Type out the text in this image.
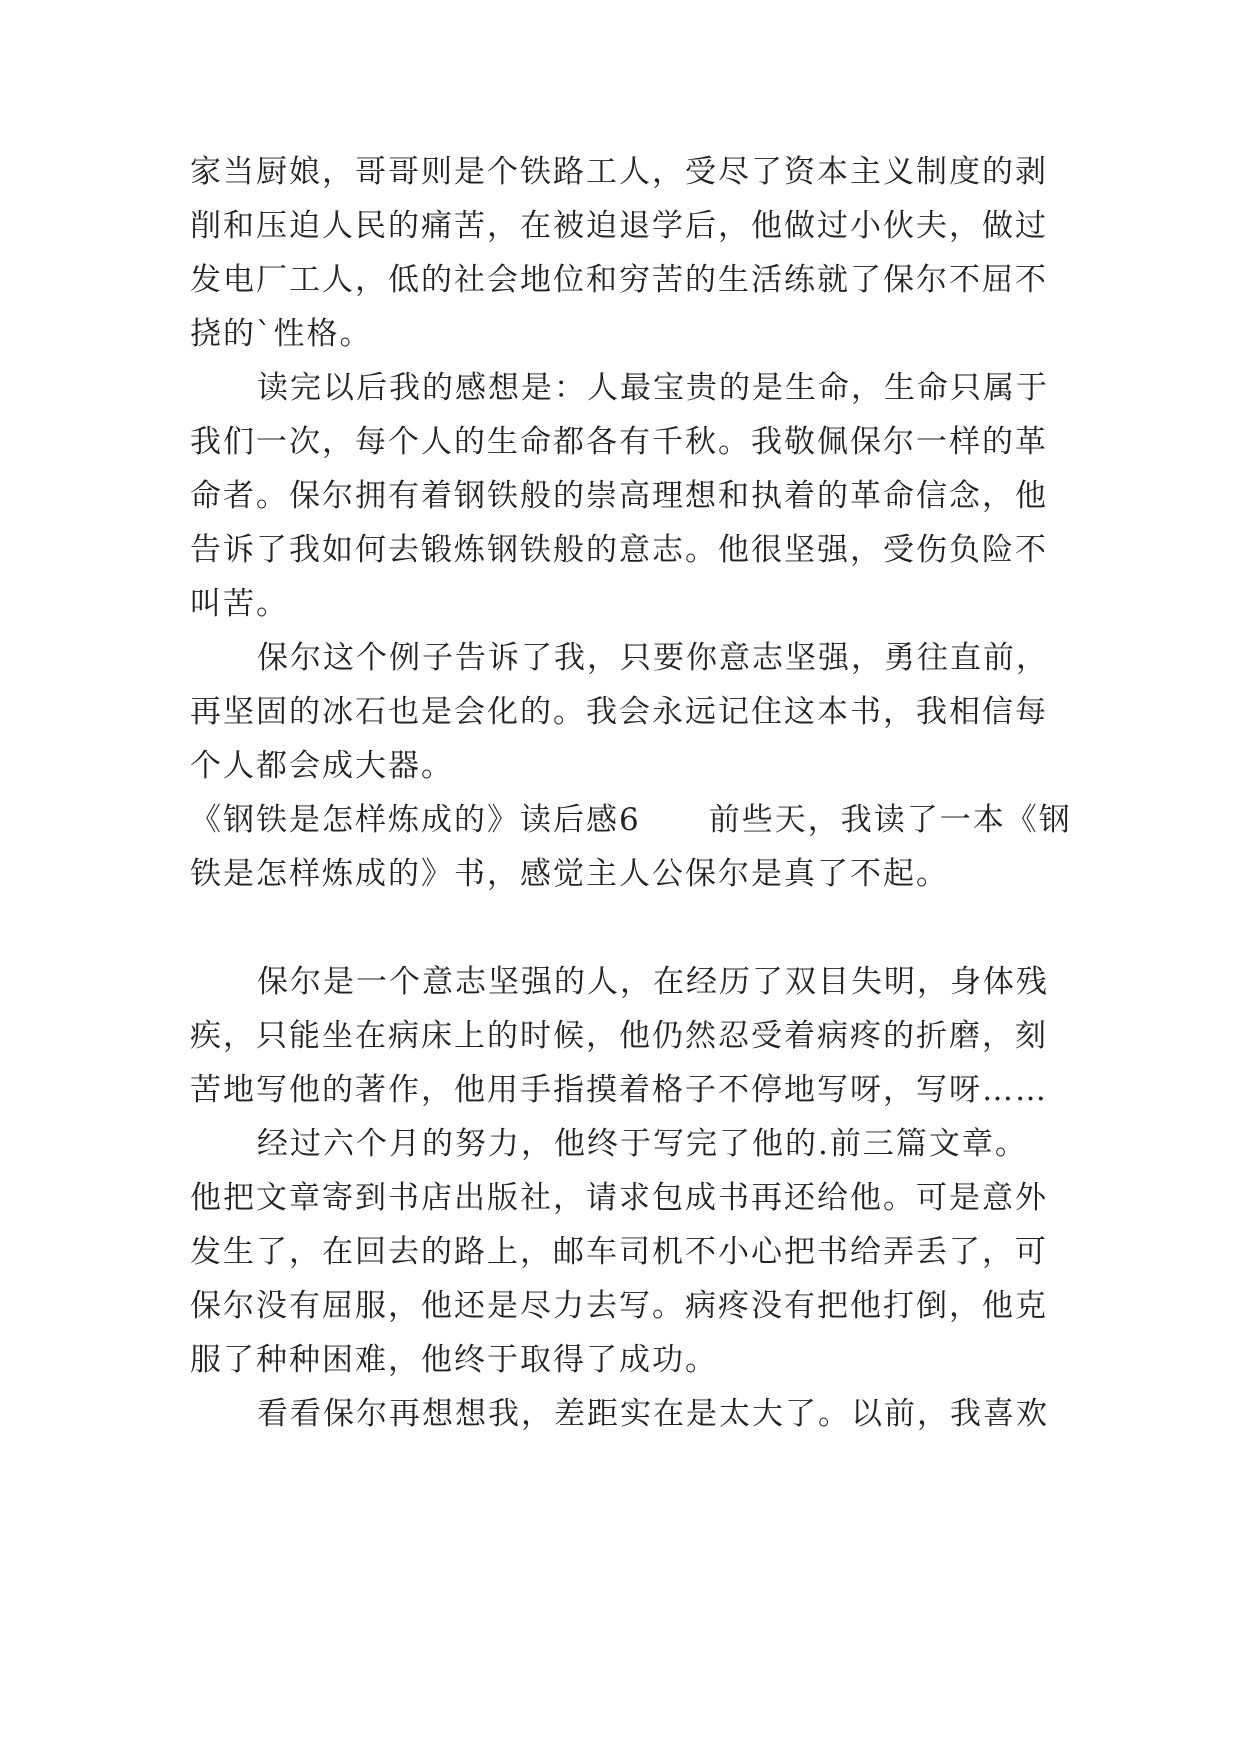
家当厨娘，哥哥则是个铁路工人，受尽了资本主义制度的剥
削和压迫人民的痛苦，在被迫退学后，他做过小伙夫，做过
发电厂工人，低的社会地位和穷苦的生活练就了保尔不屈不
挠的`性格。
读完以后我的感想是：人最宝贵的是生命，生命只属于
我们一次，每个人的生命都各有千秋。我敬佩保尔一样的革
命者。保尔拥有着钢铁般的崇高理想和执着的革命信念，他
告诉了我如何去锻炼钢铁般的意志。他很坚强，受伤负险不
叫苦。
保尔这个例子告诉了我，只要你意志坚强，勇往直前，
再坚固的冰石也是会化的。我会永远记住这本书，我相信每
个人都会成大器。
《钢铁是怎样炼成的》读后感6 前些天，我读了一本《钢
铁是怎样炼成的》书，感觉主人公保尔是真了不起。
保尔是一个意志坚强的人，在经历了双目失明，身体残
疾，只能坐在病床上的时候，他仍然忍受着病疼的折磨，刻
苦地写他的著作，他用手指摸着格子不停地写呀，写呀……
经过六个月的努力，他终于写完了他的.前三篇文章。
他把文章寄到书店出版社，请求包成书再还给他。可是意外
发生了，在回去的路上，邮车司机不小心把书给弄丢了，可
保尔没有屈服，他还是尽力去写。病疼没有把他打倒，他克
服了种种困难，他终于取得了成功。
看看保尔再想想我，差距实在是太大了。以前，我喜欢
